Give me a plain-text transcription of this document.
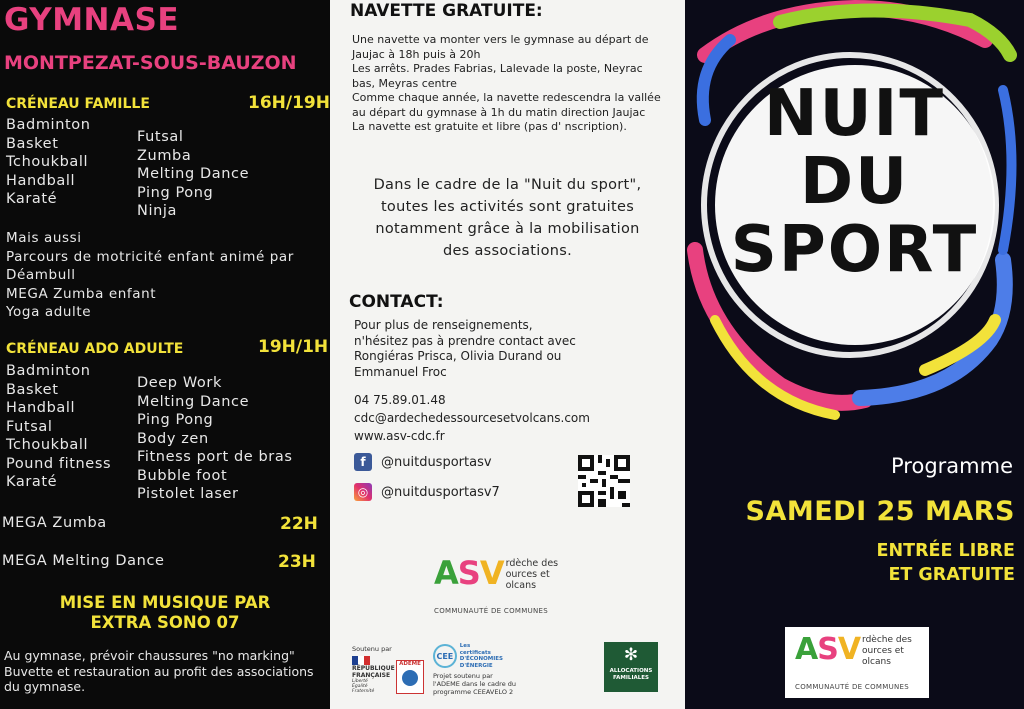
GYMNASE
MONTPEZAT-SOUS-BAUZON
CRÉNEAU FAMILLE	16H/19H
Badminton
Basket
Tchoukball
Handball
Karaté
Futsal
Zumba
Melting Dance
Ping Pong
Ninja
Mais aussi
Parcours de motricité enfant animé par
Déambull
MEGA Zumba enfant
Yoga adulte
CRÉNEAU ADO ADULTE	19H/1H
Badminton
Basket
Handball
Futsal
Tchoukball
Pound fitness
Karaté
Deep Work
Melting Dance
Ping Pong
Body zen
Fitness port de bras
Bubble foot
Pistolet laser
MEGA Zumba	22H
MEGA Melting Dance	23H
MISE EN MUSIQUE PAR
EXTRA SONO 07
Au gymnase, prévoir chaussures "no marking"
Buvette et restauration au profit des associations
du gymnase.
NAVETTE GRATUITE:
Une navette va monter vers le gymnase au départ de
Jaujac à 18h puis à 20h
Les arrêts. Prades Fabrias, Lalevade la poste, Neyrac
bas, Meyras centre
Comme chaque année, la navette redescendra la vallée
au départ du gymnase à 1h du matin direction Jaujac
La navette est gratuite et libre (pas d' nscription).
Dans le cadre de la "Nuit du sport",
toutes les activités sont gratuites
notamment grâce à la mobilisation
des associations.
CONTACT:
Pour plus de renseignements,
n'hésitez pas à prendre contact avec
Rongiéras Prisca, Olivia Durand ou
Emmanuel Froc
04 75.89.01.48
cdc@ardechedessourcesetvolcans.com
www.asv-cdc.fr
f	@nuitdusportasv
◎ @nuitdusportasv7
ASV rdèche des
ources et
olcans
COMMUNAUTÉ DE COMMUNES
Soutenu par
RÉPUBLIQUE
FRANÇAISE
Liberté
Égalité
Fraternité
ADEME
CEE
Les certificats
D'ÉCONOMIES
D'ÉNERGIE
Projet soutenu par
l'ADEME dans le cadre du
programme CEEAVELO 2
✻
ALLOCATIONS
FAMILIALES
NUIT
DU
SPORT
Programme
SAMEDI 25 MARS
ENTRÉE LIBRE
ET GRATUITE
ASV rdèche des
ources et
olcans
COMMUNAUTÉ DE COMMUNES
